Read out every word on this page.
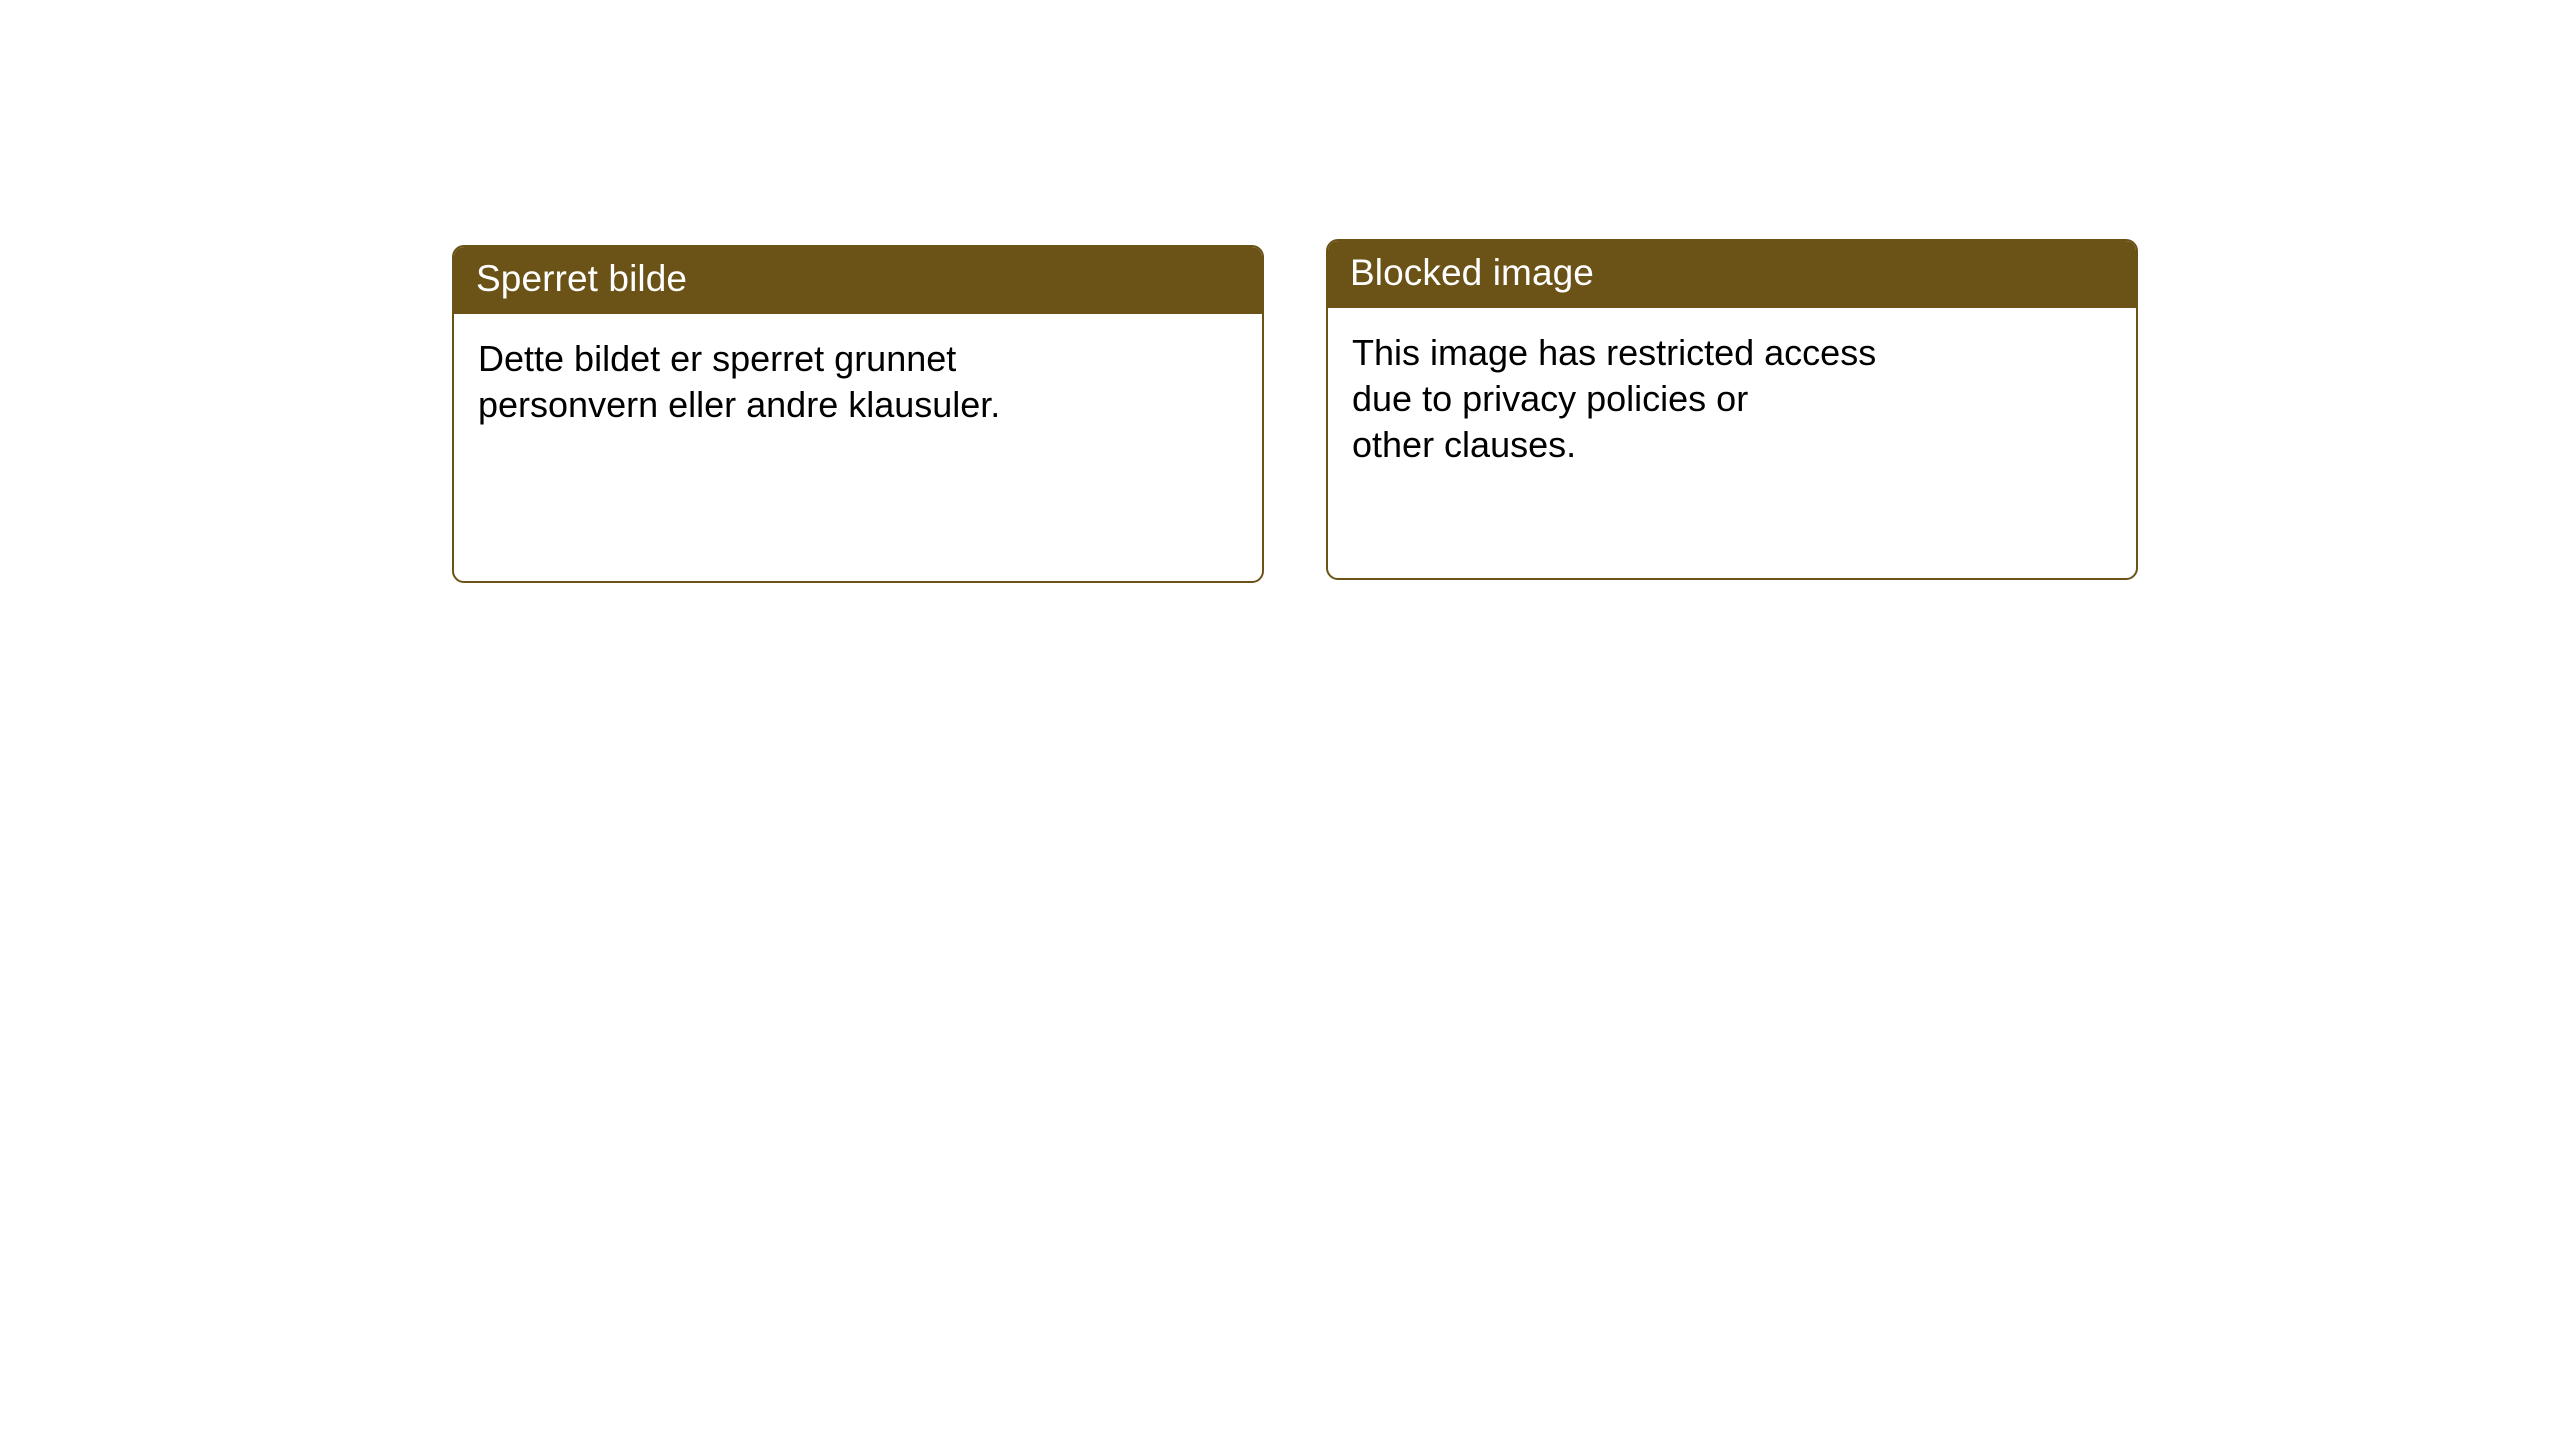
Sperret bilde

Dette bildet er sperret grunnet

personvern eller andre klausuler.

Blocked image

This image has restricted access

due to privacy policies or

other clauses.
